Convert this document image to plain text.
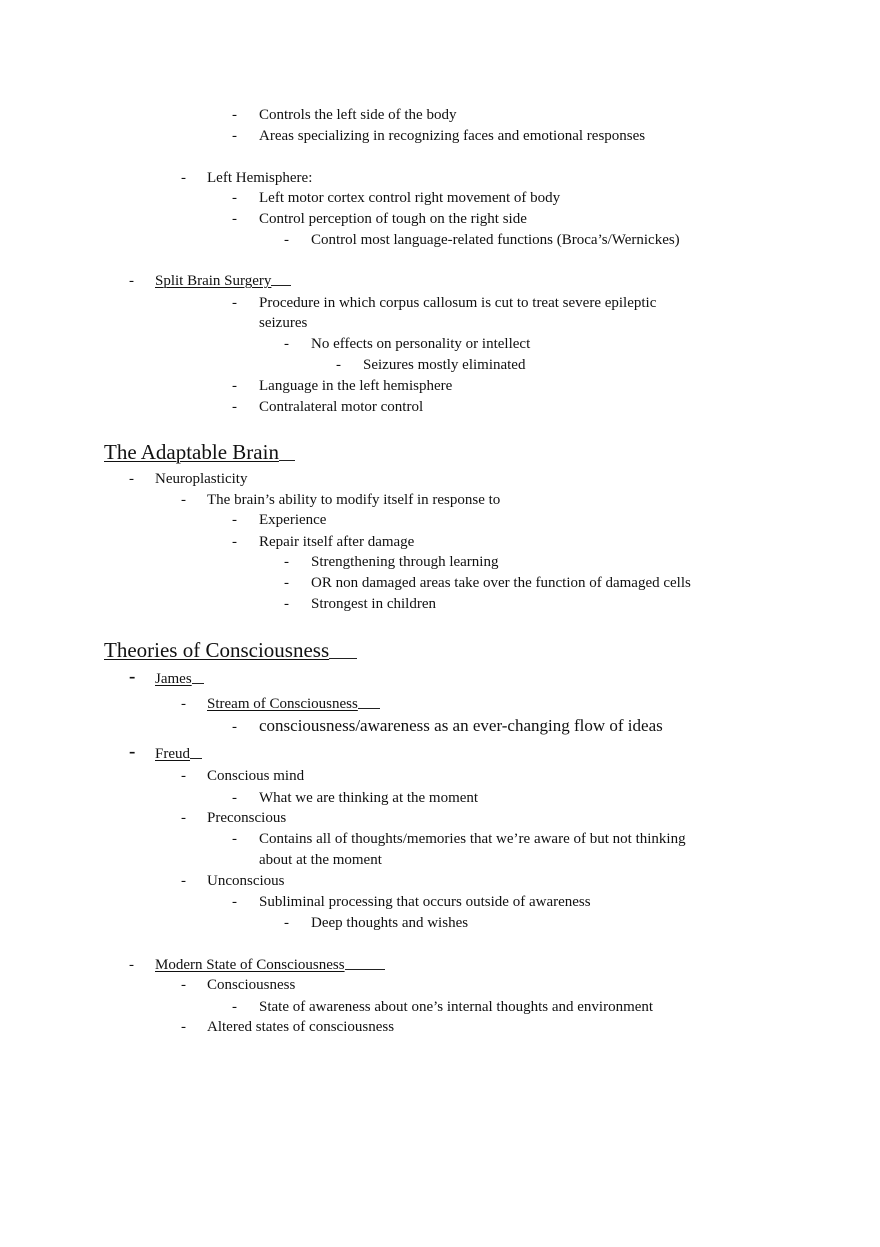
- Controls the left side of the body
- Areas specializing in recognizing faces and emotional responses
- Left Hemisphere:
- Left motor cortex control right movement of body
- Control perception of tough on the right side
- Control most language-related functions (Broca’s/Wernickes)
- Split Brain Surgery
- Procedure in which corpus callosum is cut to treat severe epileptic
seizures
- No effects on personality or intellect
- Seizures mostly eliminated
- Language in the left hemisphere
- Contralateral motor control
The Adaptable Brain
- Neuroplasticity
- The brain’s ability to modify itself in response to
- Experience
- Repair itself after damage
- Strengthening through learning
- OR non damaged areas take over the function of damaged cells
- Strongest in children
Theories of Consciousness
- James
- Stream of Consciousness
- consciousness/awareness as an ever-changing flow of ideas
- Freud
- Conscious mind
- What we are thinking at the moment
- Preconscious
- Contains all of thoughts/memories that we’re aware of but not thinking
about at the moment
- Unconscious
- Subliminal processing that occurs outside of awareness
- Deep thoughts and wishes
- Modern State of Consciousness
- Consciousness
- State of awareness about one’s internal thoughts and environment
- Altered states of consciousness
